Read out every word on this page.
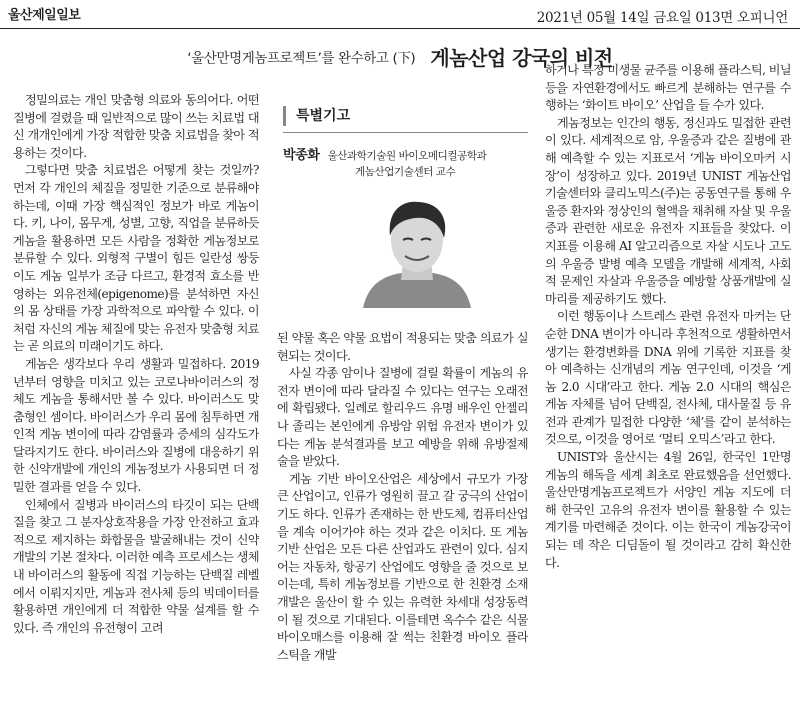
울산제일일보	2021년 05월 14일 금요일 013면 오피니언
‘울산만명게놈프로젝트’를 완수하고 (下) 게놈산업 강국의 비전

정밀의료는 개인 맞춤형 의료와 동의어다. 어떤 질병에 걸렸을 때 일반적으로 많이 쓰는 치료법 대신 개개인에게 가장 적합한 맞춤 치료법을 찾아 적용하는 것이다.

그렇다면 맞춤 치료법은 어떻게 찾는 것일까? 먼저 각 개인의 체질을 정밀한 기준으로 분류해야 하는데, 이때 가장 핵심적인 정보가 바로 게놈이다. 키, 나이, 몸무게, 성별, 고향, 직업을 분류하듯 게놈을 활용하면 모든 사람을 정확한 게놈정보로 분류할 수 있다. 외형적 구별이 힘든 일란성 쌍둥이도 게놈 일부가 조금 다르고, 환경적 효소를 반영하는 외유전체(epigenome)를 분석하면 자신의 몸 상태를 가장 과학적으로 파악할 수 있다. 이처럼 자신의 게놈 체질에 맞는 유전자 맞춤형 치료는 곧 의료의 미래이기도 하다.

게놈은 생각보다 우리 생활과 밀접하다. 2019년부터 영향을 미치고 있는 코로나바이러스의 정체도 게놈을 통해서만 볼 수 있다. 바이러스도 맞춤형인 셈이다. 바이러스가 우리 몸에 침투하면 개인적 게놈 변이에 따라 감염률과 증세의 심각도가 달라지기도 한다. 바이러스와 질병에 대응하기 위한 신약개발에 개인의 게놈정보가 사용되면 더 정밀한 결과를 얻을 수 있다.

인체에서 질병과 바이러스의 타깃이 되는 단백질을 찾고 그 분자상호작용을 가장 안전하고 효과적으로 제지하는 화합물을 발굴해내는 것이 신약개발의 기본 절차다. 이러한 예측 프로세스는 생체 내 바이러스의 활동에 직접 기능하는 단백질 레벨에서 이뤄지지만, 게놈과 전사체 등의 빅데이터를 활용하면 개인에게 더 적합한 약물 설계를 할 수 있다. 즉 개인의 유전형이 고려

특별기고
박종화 울산과학기술원 바이오메디컬공학과
게놈산업기술센터 교수

된 약물 혹은 약물 요법이 적용되는 맞춤 의료가 실현되는 것이다.

사실 각종 암이나 질병에 걸릴 확률이 게놈의 유전자 변이에 따라 달라질 수 있다는 연구는 오래전에 확립됐다. 일례로 할리우드 유명 배우인 안젤리나 졸리는 본인에게 유방암 위험 유전자 변이가 있다는 게놈 분석결과를 보고 예방을 위해 유방절제술을 받았다.

게놈 기반 바이오산업은 세상에서 규모가 가장 큰 산업이고, 인류가 영원히 끌고 갈 궁극의 산업이기도 하다. 인류가 존재하는 한 반도체, 컴퓨터산업을 계속 이어가야 하는 것과 같은 이치다. 또 게놈 기반 산업은 모든 다른 산업과도 관련이 있다. 심지어는 자동차, 항공기 산업에도 영향을 줄 것으로 보이는데, 특히 게놈정보를 기반으로 한 친환경 소재 개발은 울산이 할 수 있는 유력한 차세대 성장동력이 될 것으로 기대된다. 이를테면 옥수수 같은 식물 바이오매스를 이용해 잘 썩는 친환경 바이오 플라스틱을 개발

하거나 특정 미생물 균주를 이용해 플라스틱, 비닐 등을 자연환경에서도 빠르게 분해하는 연구를 수행하는 ‘화이트 바이오’ 산업을 들 수가 있다.

게놈정보는 인간의 행동, 정신과도 밀접한 관련이 있다. 세계적으로 암, 우울증과 같은 질병에 관해 예측할 수 있는 지표로서 ‘게놈 바이오마커 시장’이 성장하고 있다. 2019년 UNIST 게놈산업기술센터와 클리노믹스(주)는 공동연구를 통해 우울증 환자와 정상인의 혈액을 채취해 자살 및 우울증과 관련한 새로운 유전자 지표들을 찾았다. 이 지표를 이용해 AI 알고리즘으로 자살 시도나 고도의 우울증 발병 예측 모델을 개발해 세계적, 사회적 문제인 자살과 우울증을 예방할 상품개발에 실마리를 제공하기도 했다.

이런 행동이나 스트레스 관련 유전자 마커는 단순한 DNA 변이가 아니라 후천적으로 생활하면서 생기는 환경변화를 DNA 위에 기록한 지표를 찾아 예측하는 신개념의 게놈 연구인데, 이것을 ‘게놈 2.0 시대’라고 한다. 게놈 2.0 시대의 핵심은 게놈 자체를 넘어 단백질, 전사체, 대사물질 등 유전과 관계가 밀접한 다양한 ‘체’를 같이 분석하는 것으로, 이것을 영어로 ‘멀티 오믹스’라고 한다.

UNIST와 울산시는 4월 26일, 한국인 1만명 게놈의 해독을 세계 최초로 완료했음을 선언했다. 울산만명게놈프로젝트가 서양인 게놈 지도에 더해 한국인 고유의 유전자 변이를 활용할 수 있는 계기를 마련해준 것이다. 이는 한국이 게놈강국이 되는 데 작은 디딤돌이 될 것이라고 감히 확신한다.
